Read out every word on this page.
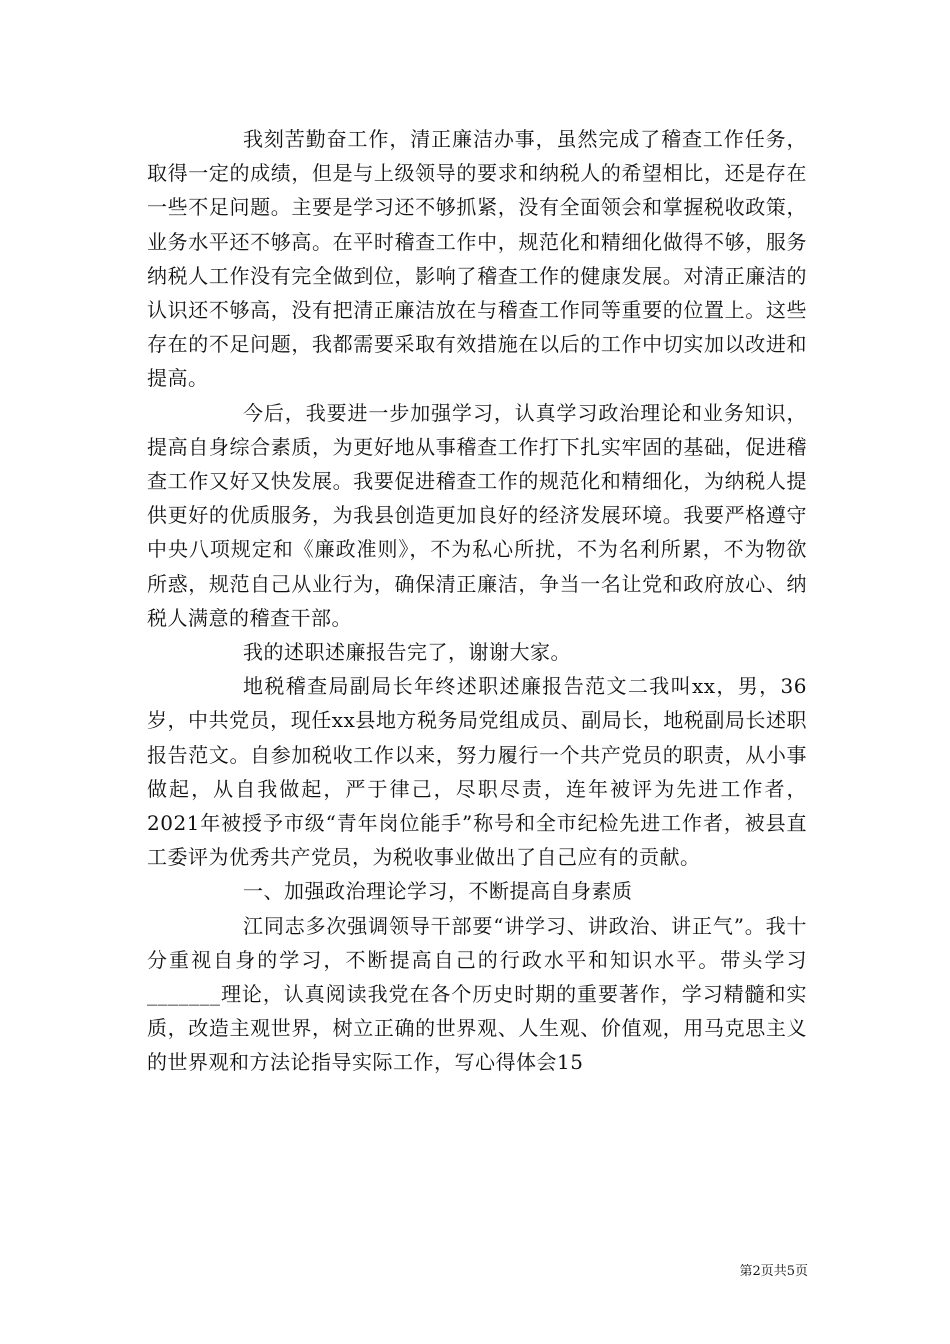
我刻苦勤奋工作，清正廉洁办事，虽然完成了稽查工作任务，取得一定的成绩，但是与上级领导的要求和纳税人的希望相比，还是存在一些不足问题。主要是学习还不够抓紧，没有全面领会和掌握税收政策，业务水平还不够高。在平时稽查工作中，规范化和精细化做得不够，服务纳税人工作没有完全做到位，影响了稽查工作的健康发展。对清正廉洁的认识还不够高，没有把清正廉洁放在与稽查工作同等重要的位置上。这些存在的不足问题，我都需要采取有效措施在以后的工作中切实加以改进和提高。

今后，我要进一步加强学习，认真学习政治理论和业务知识，提高自身综合素质，为更好地从事稽查工作打下扎实牢固的基础，促进稽查工作又好又快发展。我要促进稽查工作的规范化和精细化，为纳税人提供更好的优质服务，为我县创造更加良好的经济发展环境。我要严格遵守中央八项规定和《廉政准则》，不为私心所扰，不为名利所累，不为物欲所惑，规范自己从业行为，确保清正廉洁，争当一名让党和政府放心、纳税人满意的稽查干部。

我的述职述廉报告完了，谢谢大家。

地税稽查局副局长年终述职述廉报告范文二我叫xx，男，36岁，中共党员，现任xx县地方税务局党组成员、副局长，地税副局长述职报告范文。自参加税收工作以来，努力履行一个共产党员的职责，从小事做起，从自我做起，严于律己，尽职尽责，连年被评为先进工作者，2021年被授予市级“青年岗位能手”称号和全市纪检先进工作者，被县直工委评为优秀共产党员，为税收事业做出了自己应有的贡献。

一、加强政治理论学习，不断提高自身素质

江同志多次强调领导干部要“讲学习、讲政治、讲正气”。我十分重视自身的学习，不断提高自己的行政水平和知识水平。带头学习_______理论，认真阅读我党在各个历史时期的重要著作，学习精髓和实质，改造主观世界，树立正确的世界观、人生观、价值观，用马克思主义的世界观和方法论指导实际工作，写心得体会15

第2页共5页
